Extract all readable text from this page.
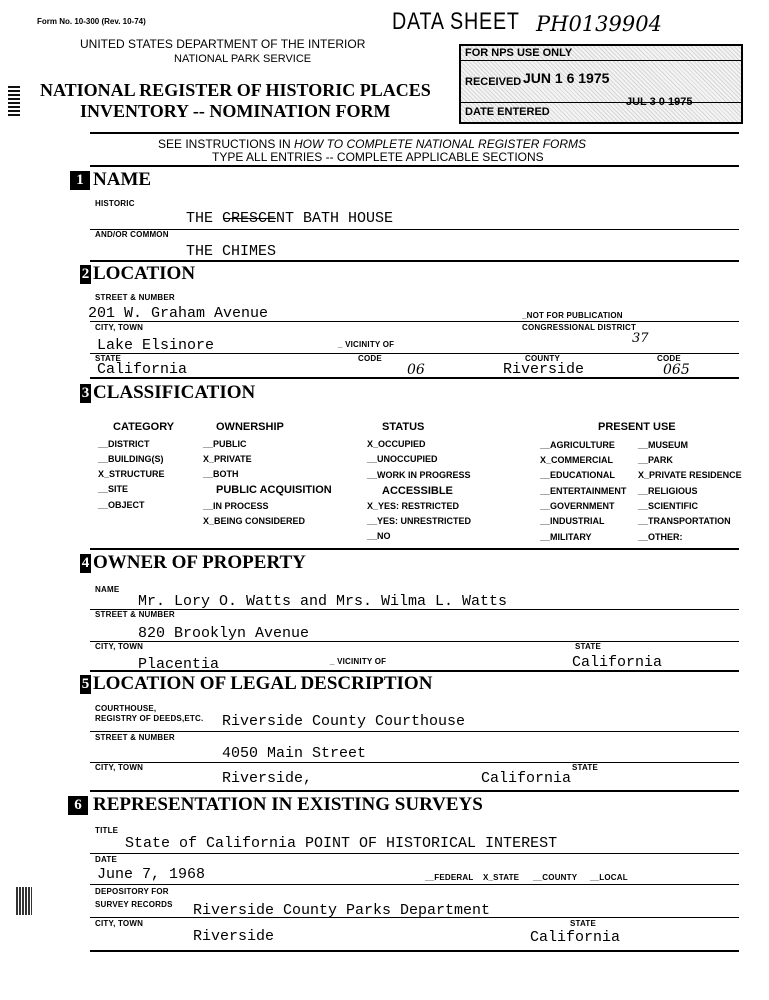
Form No. 10-300 (Rev. 10-74)
UNITED STATES DEPARTMENT OF THE INTERIOR
NATIONAL PARK SERVICE
NATIONAL REGISTER OF HISTORIC PLACES
INVENTORY -- NOMINATION FORM
DATA SHEET PH0139904
FOR NPS USE ONLY
RECEIVED JUN 1 6 1975
DATE ENTERED
JUL 3 0 1975
SEE INSTRUCTIONS IN HOW TO COMPLETE NATIONAL REGISTER FORMS
TYPE ALL ENTRIES -- COMPLETE APPLICABLE SECTIONS
1 NAME
HISTORIC
THE CRESCENT BATH HOUSE
AND/OR COMMON
THE CHIMES
2 LOCATION
STREET & NUMBER
201 W. Graham Avenue	_NOT FOR PUBLICATION
CITY, TOWN	CONGRESSIONAL DISTRICT
37
Lake Elsinore	_ VICINITY OF
STATE	CODE	COUNTY	CODE
California	06	Riverside	065
3 CLASSIFICATION
CATEGORY	OWNERSHIP	STATUS	PRESENT USE
__DISTRICT
__BUILDING(S)
X_STRUCTURE
__SITE
__OBJECT
__PUBLIC
X_PRIVATE
__BOTH
PUBLIC ACQUISITION
__IN PROCESS
X_BEING CONSIDERED
X_OCCUPIED
__UNOCCUPIED
__WORK IN PROGRESS
ACCESSIBLE
X_YES: RESTRICTED
__YES: UNRESTRICTED
__NO
__AGRICULTURE
X_COMMERCIAL
__EDUCATIONAL
__ENTERTAINMENT
__GOVERNMENT
__INDUSTRIAL
__MILITARY
__MUSEUM
__PARK
X_PRIVATE RESIDENCE
__RELIGIOUS
__SCIENTIFIC
__TRANSPORTATION
__OTHER:
4 OWNER OF PROPERTY
NAME
Mr. Lory O. Watts and Mrs. Wilma L. Watts
STREET & NUMBER
820 Brooklyn Avenue
CITY, TOWN	STATE
Placentia	_ VICINITY OF	California
5 LOCATION OF LEGAL DESCRIPTION
COURTHOUSE,
REGISTRY OF DEEDS,ETC. Riverside County Courthouse
STREET & NUMBER
4050 Main Street
CITY, TOWN	STATE
Riverside,	California
6 REPRESENTATION IN EXISTING SURVEYS
TITLE
State of California POINT OF HISTORICAL INTEREST
DATE
June 7, 1968	__FEDERAL X_STATE __COUNTY __LOCAL
DEPOSITORY FOR
SURVEY RECORDS Riverside County Parks Department
CITY, TOWN	STATE
Riverside	California
